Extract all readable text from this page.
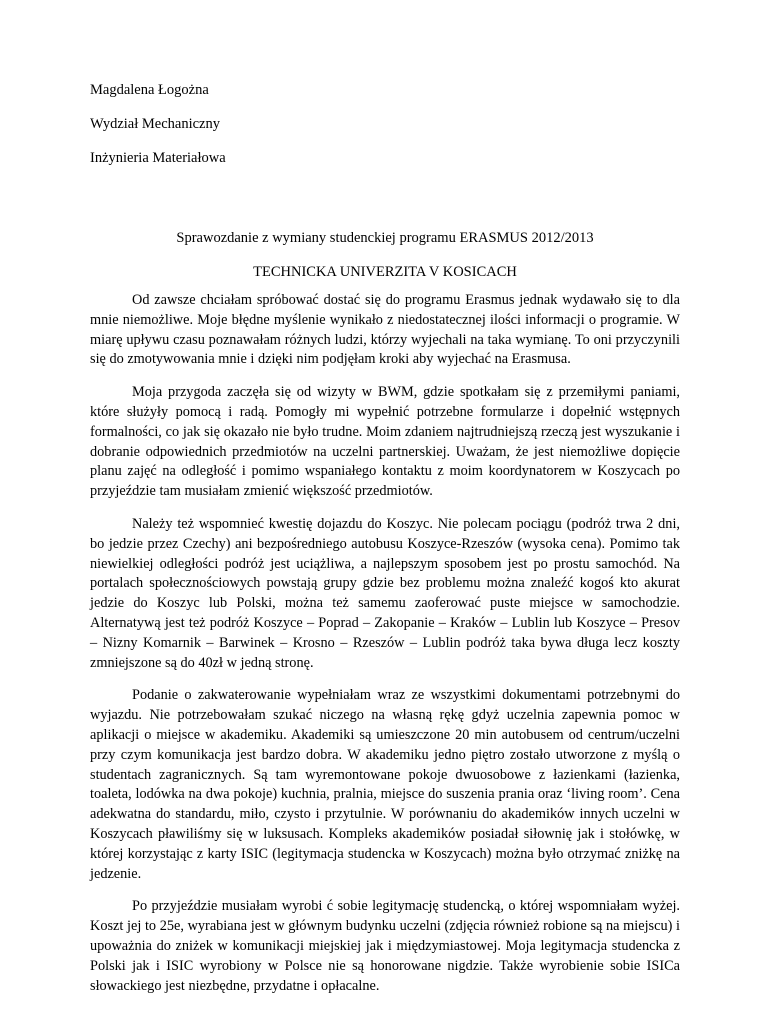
Magdalena Łogożna

Wydział Mechaniczny

Inżynieria Materiałowa

Sprawozdanie z wymiany studenckiej programu ERASMUS 2012/2013

TECHNICKA UNIVERZITA V KOSICACH

Od zawsze chciałam spróbować dostać się do programu Erasmus jednak wydawało się to dla mnie niemożliwe. Moje błędne myślenie wynikało z niedostatecznej ilości informacji o programie. W miarę upływu czasu poznawałam różnych ludzi, którzy wyjechali na taka wymianę. To oni przyczynili się do zmotywowania mnie i dzięki nim podjęłam kroki aby wyjechać na Erasmusa.

Moja przygoda zaczęła się od wizyty w BWM, gdzie spotkałam się z przemiłymi paniami, które służyły pomocą i radą. Pomogły mi wypełnić potrzebne formularze i dopełnić wstępnych formalności, co jak się okazało nie było trudne. Moim zdaniem najtrudniejszą rzeczą jest wyszukanie i dobranie odpowiednich przedmiotów na uczelni partnerskiej. Uważam, że jest niemożliwe dopięcie planu zajęć na odległość i pomimo wspaniałego kontaktu z moim koordynatorem w Koszycach po przyjeździe tam musiałam zmienić większość przedmiotów.

Należy też wspomnieć kwestię dojazdu do Koszyc. Nie polecam pociągu (podróż trwa 2 dni, bo jedzie przez Czechy) ani bezpośredniego autobusu Koszyce-Rzeszów (wysoka cena). Pomimo tak niewielkiej odległości podróż jest uciążliwa, a najlepszym sposobem jest po prostu samochód. Na portalach społecznościowych powstają grupy gdzie bez problemu można znaleźć kogoś kto akurat jedzie do Koszyc lub Polski, można też samemu zaoferować puste miejsce w samochodzie. Alternatywą jest też podróż Koszyce – Poprad – Zakopanie – Kraków – Lublin lub Koszyce – Presov – Nizny Komarnik – Barwinek – Krosno – Rzeszów – Lublin podróż taka bywa długa lecz koszty zmniejszone są do 40zł w jedną stronę.

Podanie o zakwaterowanie wypełniałam wraz ze wszystkimi dokumentami potrzebnymi do wyjazdu. Nie potrzebowałam szukać niczego na własną rękę gdyż uczelnia zapewnia pomoc w aplikacji o miejsce w akademiku. Akademiki są umieszczone 20 min autobusem od centrum/uczelni przy czym komunikacja jest bardzo dobra. W akademiku jedno piętro zostało utworzone z myślą o studentach zagranicznych. Są tam wyremontowane pokoje dwuosobowe z łazienkami (łazienka, toaleta, lodówka na dwa pokoje) kuchnia, pralnia, miejsce do suszenia prania oraz ‘living room’. Cena adekwatna do standardu, miło, czysto i przytulnie. W porównaniu do akademików innych uczelni w Koszycach pławiliśmy się w luksusach. Kompleks akademików posiadał siłownię jak i stołówkę, w której korzystając z karty ISIC (legitymacja studencka w Koszycach) można było otrzymać zniżkę na jedzenie.

Po przyjeździe musiałam wyrobi ć sobie legitymację studencką, o której wspomniałam wyżej. Koszt jej to 25e, wyrabiana jest w głównym budynku uczelni (zdjęcia również robione są na miejscu) i upoważnia do zniżek w komunikacji miejskiej jak i międzymiastowej. Moja legitymacja studencka z Polski jak i ISIC wyrobiony w Polsce nie są honorowane nigdzie. Także wyrobienie sobie ISICa słowackiego jest niezbędne, przydatne i opłacalne.
